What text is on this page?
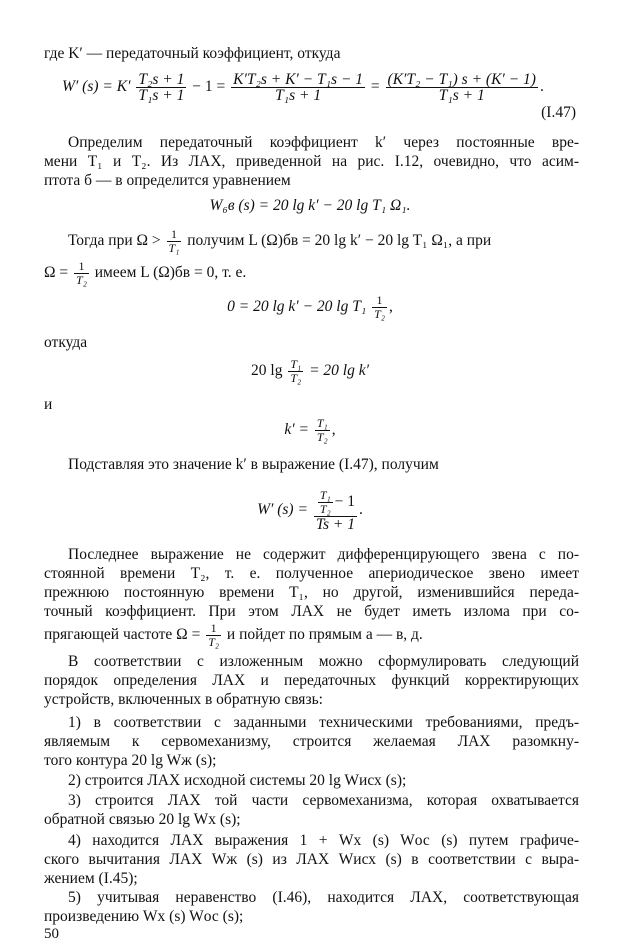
где K′ — передаточный коэффициент, откуда
W′ $(s) = K' \frac{\text{T₂s + 1}}{\text{T₁s + 1}} - 1 = \frac{\text{K′T₂s + K′ − T₁s − 1}}{\text{T₁s + 1}} = \frac{\text{(K′T₂ − T₁) s + (K′ − 1)}}{\text{T₁s + 1}}$ .
(I.47)
Определим передаточный коэффициент k′ через постоянные вре-
мени T₁ и T₂. Из ЛАХ, приведенной на рис. I.12, очевидно, что асим-
птота б — в определится уравнением
W₆в (s) = 20 lg k′ − 20 lg T₁ Ω₁.
Тогда при $\Omega > \frac{1}{\text{T₁}}$ получим L (Ω)бв = 20 lg k′ − 20 lg T₁ Ω₁, а при
$\Omega = \frac{1}{\text{T₂}}$ имеем L (Ω)бв = 0, т. е.
0 = 20 lg k′ − 20 $\lg T_1 \frac{1}{\text{T₂}}$ ,
откуда
20 $\lg \frac{\text{T₁}}{\text{T₂}} = 20$ lg k′
и
$k' = \frac{\text{T₁}}{\text{T₂}}$ ,
Подставляя это значение k′ в выражение (I.47), получим
W′ $(s) = \frac{\frac{\text{T₁}}{\text{T₂}} - 1}{Ts + 1}$ .
Последнее выражение не содержит дифференцирующего звена с по-
стоянной времени T₂, т. е. полученное апериодическое звено имеет
прежнюю постоянную времени T₁, но другой, изменившийся переда-
точный коэффициент. При этом ЛАХ не будет иметь излома при со-
прягающей частоте $\Omega = \frac{1}{\text{T₂}}$ и пойдет по прямым а — в, д.
В соответствии с изложенным можно сформулировать следующий
порядок определения ЛАХ и передаточных функций корректирующих
устройств, включенных в обратную связь:
1) в соответствии с заданными техническими требованиями, предъ-
являемым к сервомеханизму, строится желаемая ЛАХ разомкну-
того контура 20 lg Wж (s);
2) строится ЛАХ исходной системы 20 lg Wисх (s);
3) строится ЛАХ той части сервомеханизма, которая охватывается
обратной связью 20 lg Wx (s);
4) находится ЛАХ выражения 1 + Wx (s) Wос (s) путем графиче-
ского вычитания ЛАХ Wж (s) из ЛАХ Wисх (s) в соответствии с выра-
жением (I.45);
5) учитывая неравенство (I.46), находится ЛАХ, соответствующая
произведению Wx (s) Wос (s);
50
